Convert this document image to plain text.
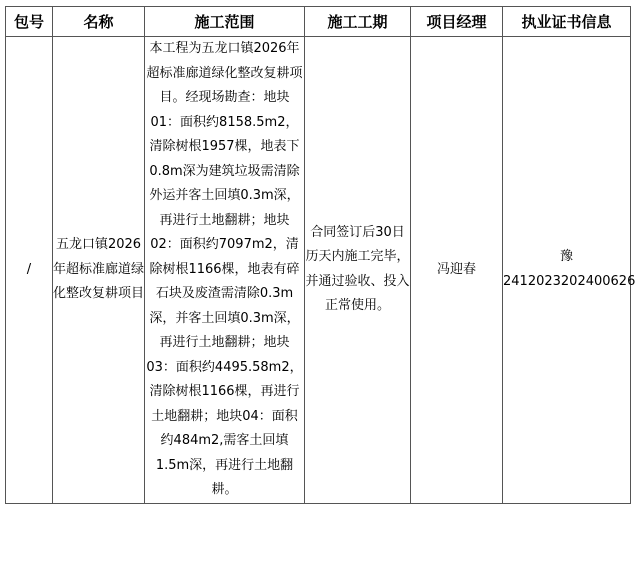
包号	名称	施工范围	施工工期	项目经理	执业证书信息
/	五龙口镇2026年超标准廊道绿化整改复耕项目	本工程为五龙口镇2026年超标准廊道绿化整改复耕项目。经现场勘查：地块01：面积约8158.5m2，清除树根1957棵，地表下0.8m深为建筑垃圾需清除外运并客土回填0.3m深，再进行土地翻耕；地块02：面积约7097m2，清除树根1166棵，地表有碎石块及废渣需清除0.3m深，并客土回填0.3m深，再进行土地翻耕；地块03：面积约4495.58m2，清除树根1166棵，再进行土地翻耕；地块04：面积约484m2,需客土回填1.5m深，再进行土地翻耕。	合同签订后30日历天内施工完毕，并通过验收、投入正常使用。	冯迎春	豫
2412023202400626
